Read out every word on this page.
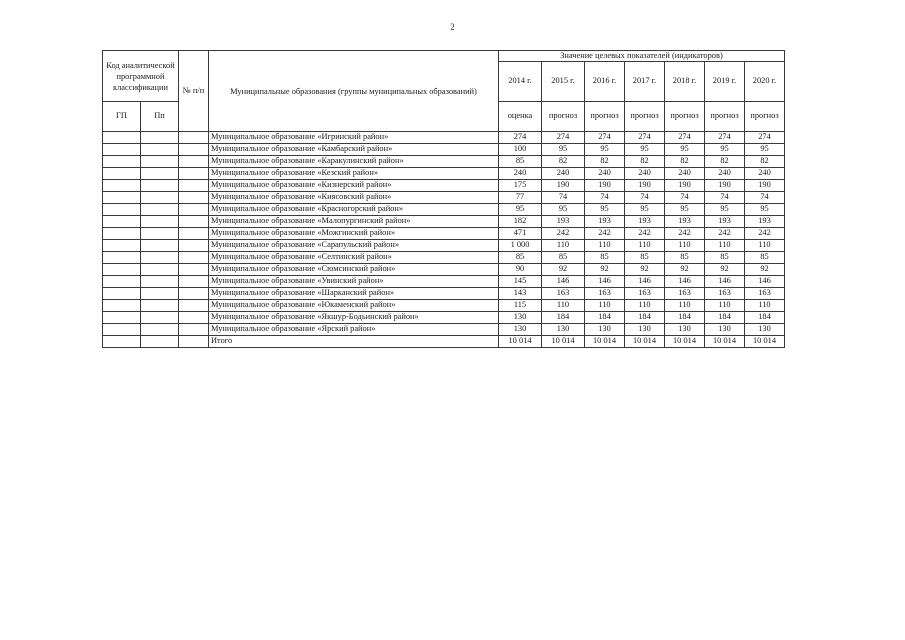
2
Код аналитической программной классификации		№ п/п	Муниципальные образования (группы муниципальных образований)	Значение целевых показателей (индикаторов)						
				2014 г.	2015 г.	2016 г.	2017 г.	2018 г.	2019 г.	2020 г.

ГП	Пп			оценка	прогноз	прогноз	прогноз	прогноз	прогноз	прогноз
			Муниципальное образование «Игринский район»	274	274	274	274	274	274	274
			Муниципальное образование «Камбарский район»	100	95	95	95	95	95	95
			Муниципальное образование «Каракулинский район»	85	82	82	82	82	82	82
			Муниципальное образование «Кезский район»	240	240	240	240	240	240	240
			Муниципальное образование «Кизнерский район»	175	190	190	190	190	190	190
			Муниципальное образование «Киясовский район»	77	74	74	74	74	74	74
			Муниципальное образование «Красногорский район»	95	95	95	95	95	95	95
			Муниципальное образование «Малопургинский район»	182	193	193	193	193	193	193
			Муниципальное образование «Можгинский район»	471	242	242	242	242	242	242
			Муниципальное образование «Сарапульский район»	1 000	110	110	110	110	110	110
			Муниципальное образование «Селтинский район»	85	85	85	85	85	85	85
			Муниципальное образование «Сюмсинский район»	90	92	92	92	92	92	92
			Муниципальное образование «Увинский район»	145	146	146	146	146	146	146
			Муниципальное образование «Шарканский район»	143	163	163	163	163	163	163
			Муниципальное образование «Юкаменский район»	115	110	110	110	110	110	110
			Муниципальное образование «Якшур-Бодьинский район»	130	184	184	184	184	184	184
			Муниципальное образование «Ярский район»	130	130	130	130	130	130	130
			Итого	10 014	10 014	10 014	10 014	10 014	10 014	10 014
